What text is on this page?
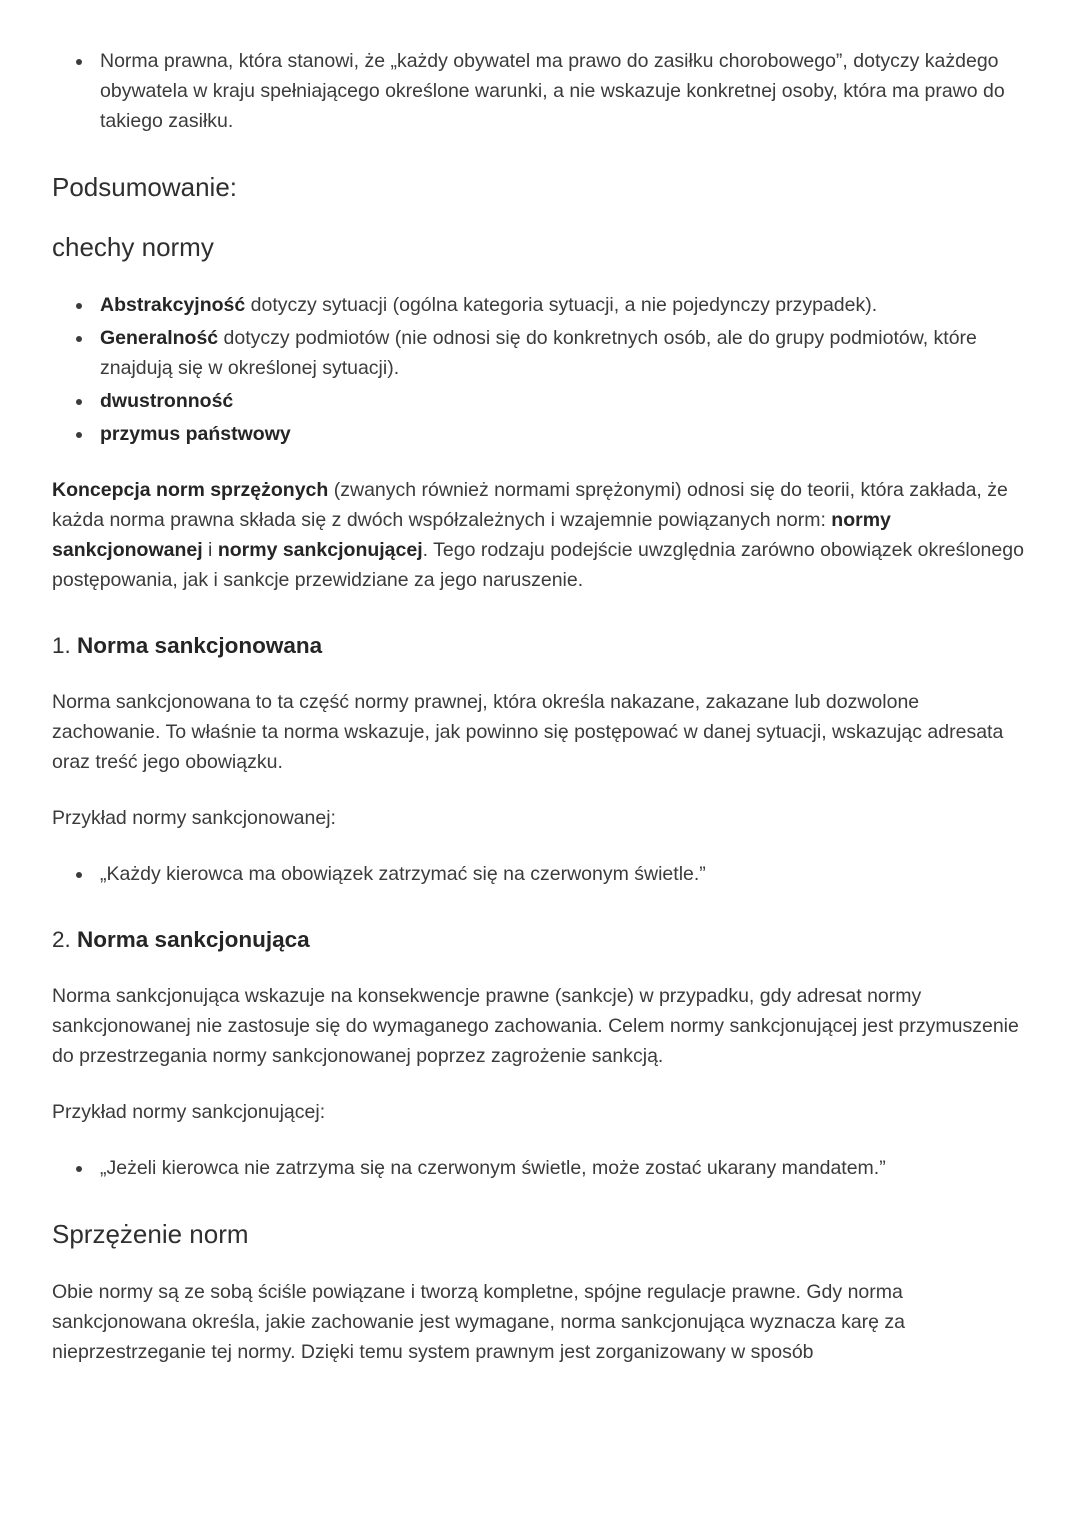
• Norma prawna, która stanowi, że „każdy obywatel ma prawo do zasiłku chorobowego”, dotyczy każdego obywatela w kraju spełniającego określone warunki, a nie wskazuje konkretnej osoby, która ma prawo do takiego zasiłku.
Podsumowanie:
chechy normy
• Abstrakcyjność dotyczy sytuacji (ogólna kategoria sytuacji, a nie pojedynczy przypadek).
• Generalność dotyczy podmiotów (nie odnosi się do konkretnych osób, ale do grupy podmiotów, które znajdują się w określonej sytuacji).
• dwustronność
• przymus państwowy

Koncepcja norm sprzężonych (zwanych również normami sprężonymi) odnosi się do teorii, która zakłada, że każda norma prawna składa się z dwóch współzależnych i wzajemnie powiązanych norm: normy sankcjonowanej i normy sankcjonującej. Tego rodzaju podejście uwzględnia zarówno obowiązek określonego postępowania, jak i sankcje przewidziane za jego naruszenie.

1. Norma sankcjonowana

Norma sankcjonowana to ta część normy prawnej, która określa nakazane, zakazane lub dozwolone zachowanie. To właśnie ta norma wskazuje, jak powinno się postępować w danej sytuacji, wskazując adresata oraz treść jego obowiązku.

Przykład normy sankcjonowanej:

• „Każdy kierowca ma obowiązek zatrzymać się na czerwonym świetle.”
2. Norma sankcjonująca

Norma sankcjonująca wskazuje na konsekwencje prawne (sankcje) w przypadku, gdy adresat normy sankcjonowanej nie zastosuje się do wymaganego zachowania. Celem normy sankcjonującej jest przymuszenie do przestrzegania normy sankcjonowanej poprzez zagrożenie sankcją.

Przykład normy sankcjonującej:

• „Jeżeli kierowca nie zatrzyma się na czerwonym świetle, może zostać ukarany mandatem.”
Sprzężenie norm

Obie normy są ze sobą ściśle powiązane i tworzą kompletne, spójne regulacje prawne. Gdy norma sankcjonowana określa, jakie zachowanie jest wymagane, norma sankcjonująca wyznacza karę za nieprzestrzeganie tej normy. Dzięki temu system prawnym jest zorganizowany w sposób
